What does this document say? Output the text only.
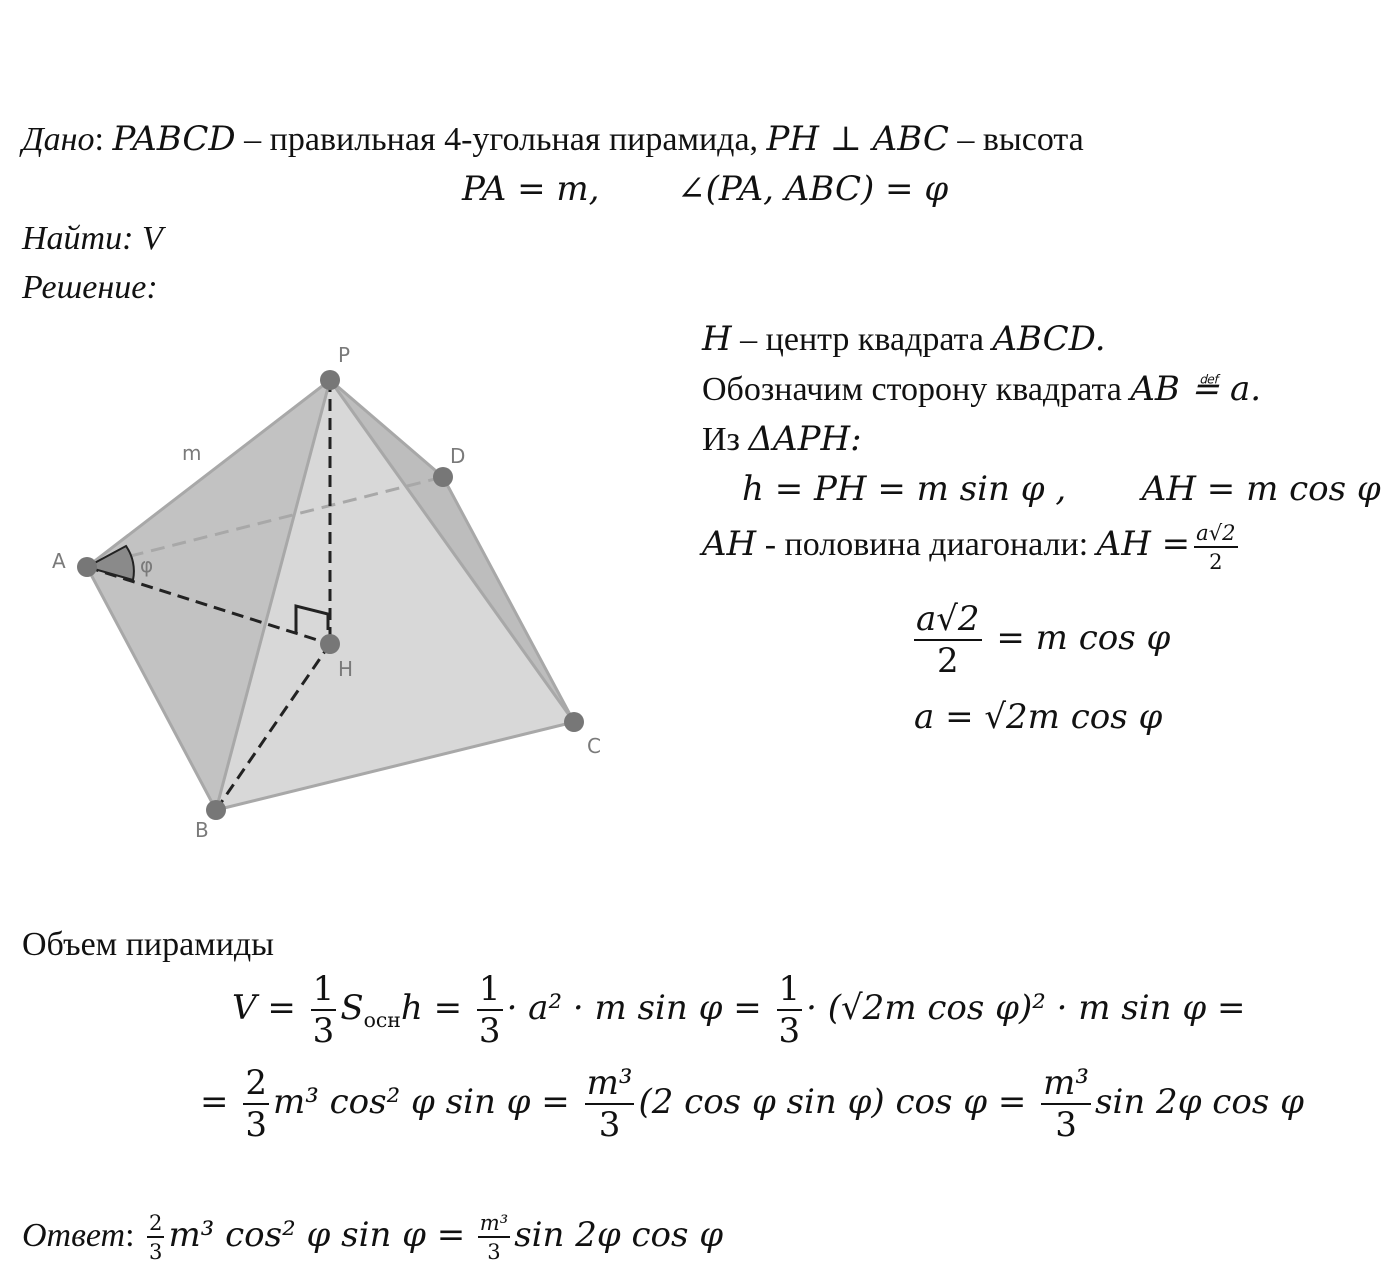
Дано: PABCD – правильная 4-угольная пирамида, PH ⊥ ABC – высота
PA = m, ∠(PA, ABC) = φ
Найти: V
Решение:
P
D
A
H
C
B
m
φ
H – центр квадрата ABCD.
Обозначим сторону квадрата AB ≝ a.
Из ΔAPH:
h = PH = m sin φ , AH = m cos φ
AH - половина диагонали: AH = $\frac{a√2}{2}$
$\frac{a√2}{2} = m$ cos φ
a = √2m cos φ
Объем пирамиды
$V = \frac{1}{3} S_{осн}h = \frac{1}{3} \cdot a^2 \cdot m$ $\sin \varphi = \frac{1}{3} \cdot (√2m$ cos φ)² · m sin φ =
= $\frac{2}{3} m^3$ cos² φ $\sin \varphi = \frac{\text{m³}}{3} (2$ cos φ sin φ) $\cos \varphi = \frac{\text{m³}}{3}$ sin 2φ cos φ
Ответ: $\frac{2}{3} m^3$ cos² φ $\sin \varphi = \frac{\text{m³}}{3}$ sin 2φ cos φ
